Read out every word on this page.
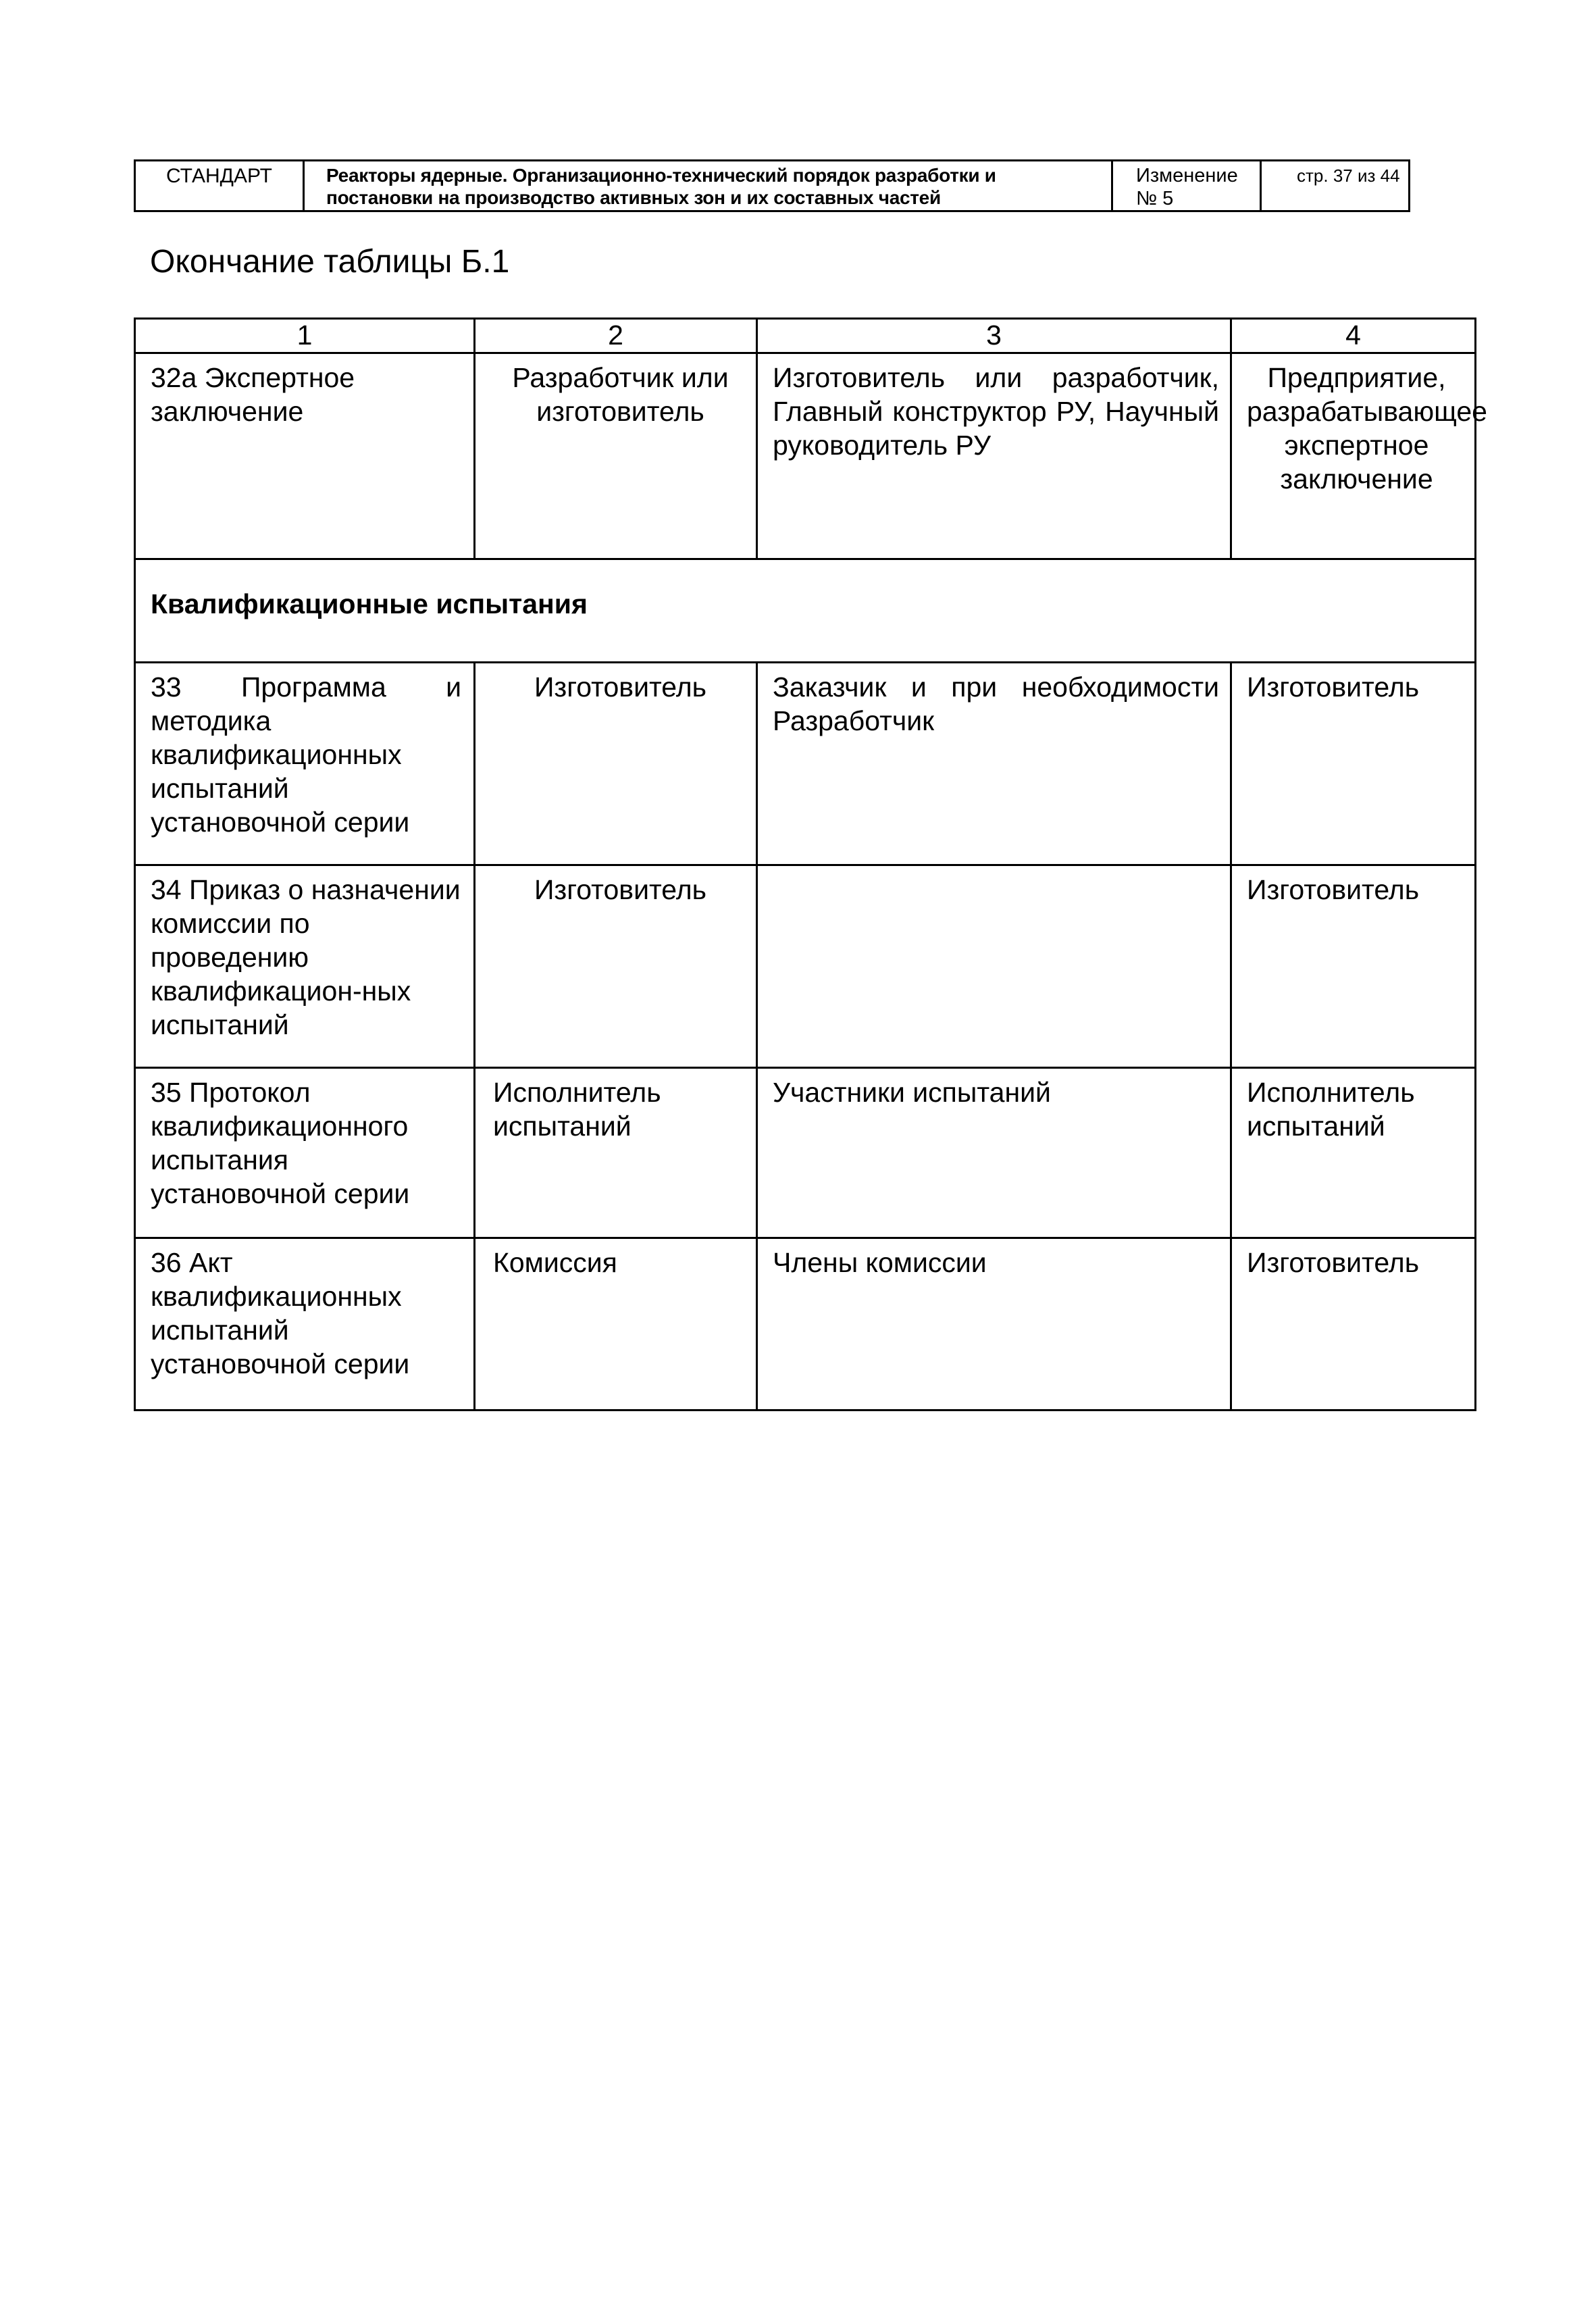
СТАНДАРТ	Реакторы ядерные. Организационно-технический порядок разработки и
постановки на производство активных зон и их составных частей

Изменение
№ 5
	стр. 37 из 44
Окончание таблицы Б.1
1	2	3	4
32а Экспертное заключение	Разработчик или изготовитель	Изготовитель или разработчик, Главный конструктор РУ, Научный руководитель РУ	Предприятие, разрабатывающее экспертное заключение
Квалификационные испытания			
33 Программа и методика квалификационных испытаний установочной серии	Изготовитель	Заказчик и при необходимости Разработчик	Изготовитель
34 Приказ о назначении комиссии по проведению квалификацион-ных испытаний	Изготовитель		Изготовитель
35 Протокол квалификационного испытания установочной серии	Исполнитель испытаний	Участники испытаний	Исполнитель испытаний
36 Акт квалификационных испытаний установочной серии	Комиссия	Члены комиссии	Изготовитель
